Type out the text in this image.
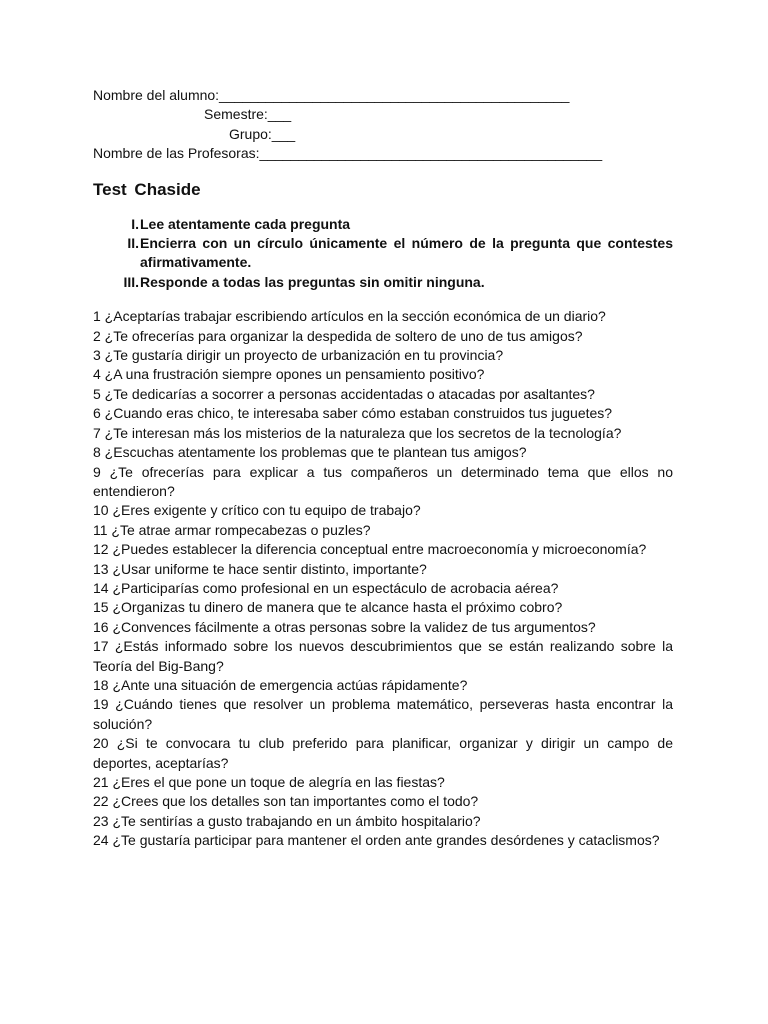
Nombre del alumno:_____________________________________________
Semestre:___
Grupo:___
Nombre de las Profesoras:____________________________________________
Test Chaside
I. Lee atentamente cada pregunta
II. Encierra con un círculo únicamente el número de la pregunta que contestes afirmativamente.
III. Responde a todas las preguntas sin omitir ninguna.

1 ¿Aceptarías trabajar escribiendo artículos en la sección económica de un diario?

2 ¿Te ofrecerías para organizar la despedida de soltero de uno de tus amigos?

3 ¿Te gustaría dirigir un proyecto de urbanización en tu provincia?

4 ¿A una frustración siempre opones un pensamiento positivo?

5 ¿Te dedicarías a socorrer a personas accidentadas o atacadas por asaltantes?

6 ¿Cuando eras chico, te interesaba saber cómo estaban construidos tus juguetes?

7 ¿Te interesan más los misterios de la naturaleza que los secretos de la tecnología?

8 ¿Escuchas atentamente los problemas que te plantean tus amigos?

9 ¿Te ofrecerías para explicar a tus compañeros un determinado tema que ellos no entendieron?

10 ¿Eres exigente y crítico con tu equipo de trabajo?

11 ¿Te atrae armar rompecabezas o puzles?

12 ¿Puedes establecer la diferencia conceptual entre macroeconomía y microeconomía?

13 ¿Usar uniforme te hace sentir distinto, importante?

14 ¿Participarías como profesional en un espectáculo de acrobacia aérea?

15 ¿Organizas tu dinero de manera que te alcance hasta el próximo cobro?

16 ¿Convences fácilmente a otras personas sobre la validez de tus argumentos?

17 ¿Estás informado sobre los nuevos descubrimientos que se están realizando sobre la Teoría del Big-Bang?

18 ¿Ante una situación de emergencia actúas rápidamente?

19 ¿Cuándo tienes que resolver un problema matemático, perseveras hasta encontrar la solución?

20 ¿Si te convocara tu club preferido para planificar, organizar y dirigir un campo de deportes, aceptarías?

21 ¿Eres el que pone un toque de alegría en las fiestas?

22 ¿Crees que los detalles son tan importantes como el todo?

23 ¿Te sentirías a gusto trabajando en un ámbito hospitalario?

24 ¿Te gustaría participar para mantener el orden ante grandes desórdenes y cataclismos?
